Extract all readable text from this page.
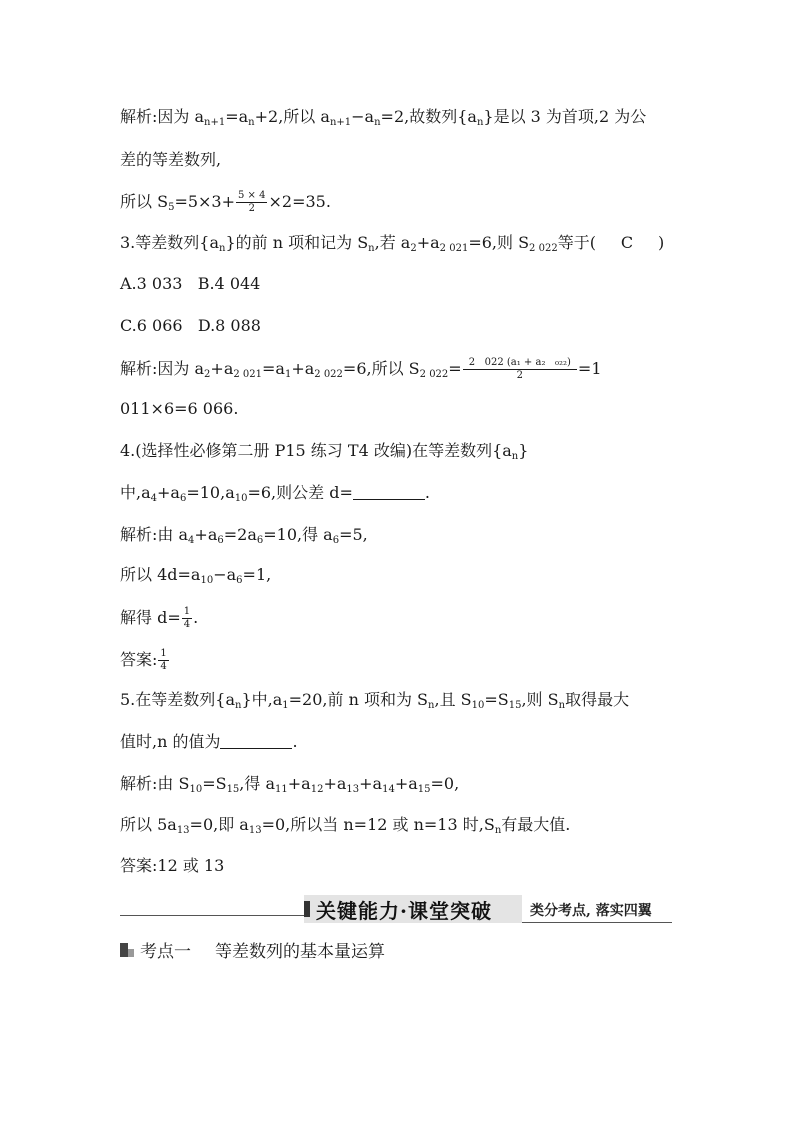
解析:因为 $a_{n+1}=a_n+2$,所以 $a_{n+1}-a_n=2$,故数列$\{a_n\}$是以 3 为首项,2 为公
差的等差数列,
所以 $S_5=5\times 3+ \frac{5 \times 4}{2} \times 2=35$.
3.等差数列$\{a_n\}$的前 n 项和记为 $S_n$,若 $a_2+a_{2 021}=6$,则 $S_{2 022}$等于( C )
A.3 033   B.4 044
C.6 066   D.8 088
解析:因为 $a_2+a_{2 021}=a_1+a_{2 022}=6$,所以 $S_{2 022}= \frac{\text{2   022 (a₁ + a₂   ₀₂₂)}}{2} =1$
011×6=6 066.
4.(选择性必修第二册 P15 练习 T4 改编)在等差数列$\{a_n\}$
中$,a_4+a_6=10,a_{10}=6$,则公差 d=	.
解析:由 $a_4+a_6=2a_6=10$,得 $a_6=5$,
所以 $4d=a_{10}-a_6=1$,
解得 $d= \frac{1}{4}$ .
答案: $\frac{1}{4}$
5.在等差数列$\{a_n\}$中$,a_1=20$,前 n 项和为 $S_n$,且 $S_{10}=S_{15}$,则 $S_n$取得最大
值时,n 的值为	.
解析:由 $S_{10}=S_{15}$,得 $a_{11}+a_{12}+a_{13}+a_{14}+a_{15}=0$,
所以 $5a_{13}=0$,即 $a_{13}=0$,所以当 n=12 或 n=13 时$,S_n$有最大值.
答案:12 或 13
关键能力·课堂突破	类分考点, 落实四翼
考点一 等差数列的基本量运算
